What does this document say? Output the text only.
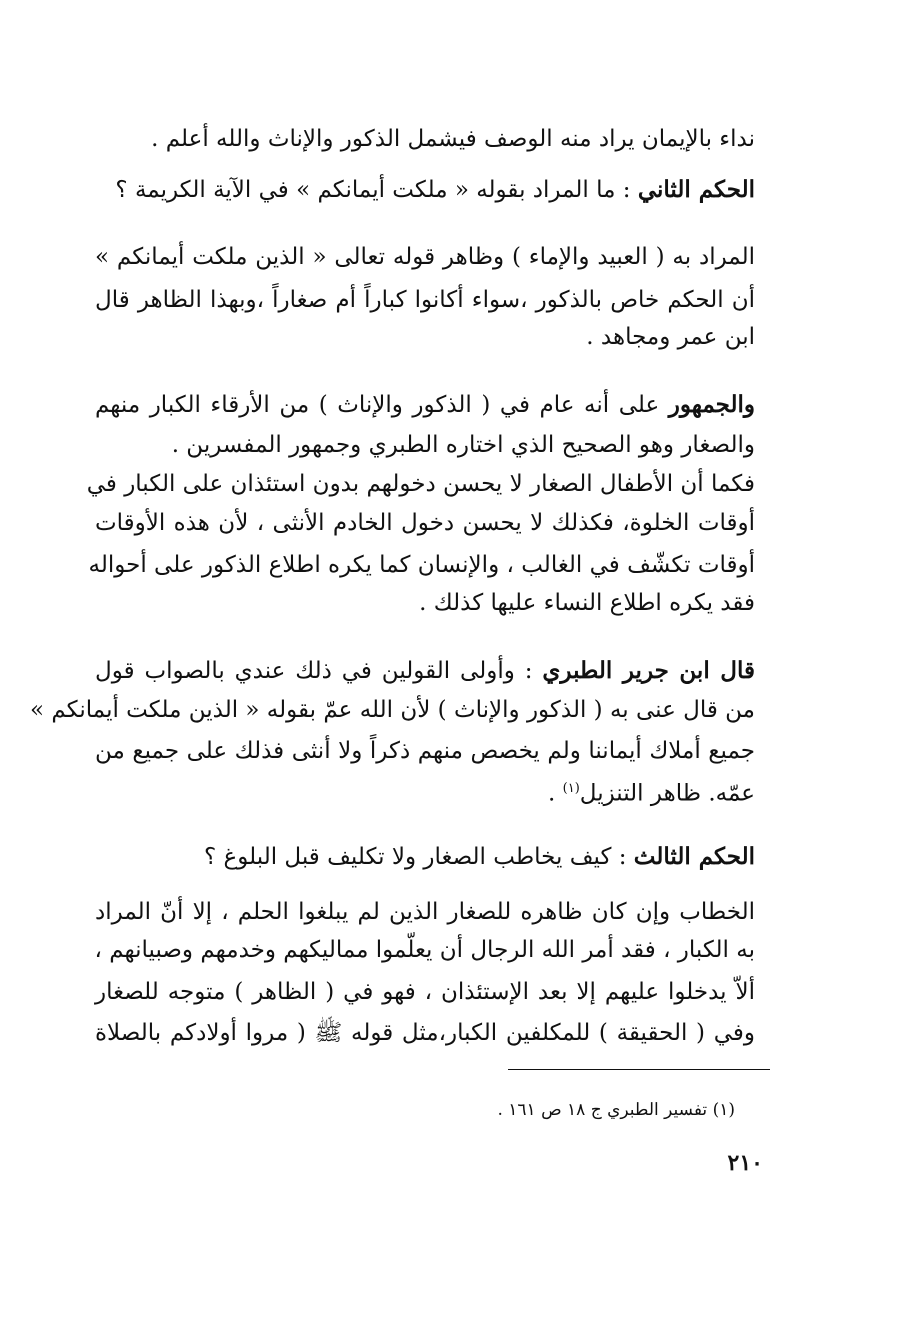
نداء بالإيمان يراد منه الوصف فيشمل الذكور والإناث والله أعلم .
الحكم الثاني : ما المراد بقوله « ملكت أيمانكم » في الآية الكريمة ؟
المراد به ( العبيد والإماء ) وظاهر قوله تعالى « الذين ملكت أيمانكم »
أن الحكم خاص بالذكور ،سواء أكانوا كباراً أم صغاراً ،وبهذا الظاهر قال
ابن عمر ومجاهد .
والجمهور على أنه عام في ( الذكور والإناث ) من الأرقاء الكبار منهم
والصغار وهو الصحيح الذي اختاره الطبري وجمهور المفسرين .
فكما أن الأطفال الصغار لا يحسن دخولهم بدون استئذان على الكبار في
أوقات الخلوة، فكذلك لا يحسن دخول الخادم الأنثى ، لأن هذه الأوقات
أوقات تكشّف في الغالب ، والإنسان كما يكره اطلاع الذكور على أحواله
فقد يكره اطلاع النساء عليها كذلك .
قال ابن جرير الطبري : وأولى القولين في ذلك عندي بالصواب قول
من قال عنى به ( الذكور والإناث ) لأن الله عمّ بقوله « الذين ملكت أيمانكم »
جميع أملاك أيماننا ولم يخصص منهم ذكراً ولا أنثى فذلك على جميع من
عمّه. ظاهر التنزيل$^{(١)}$ .
الحكم الثالث : كيف يخاطب الصغار ولا تكليف قبل البلوغ ؟
الخطاب وإن كان ظاهره للصغار الذين لم يبلغوا الحلم ، إلا أنّ المراد
به الكبار ، فقد أمر الله الرجال أن يعلّموا مماليكهم وخدمهم وصبيانهم ،
ألاّ يدخلوا عليهم إلا بعد الإستئذان ، فهو في ( الظاهر ) متوجه للصغار
وفي ( الحقيقة ) للمكلفين الكبار،مثل قوله ﷺ ( مروا أولادكم بالصلاة
(١) تفسير الطبري ج ١٨ ص ١٦١ .
٢١٠
